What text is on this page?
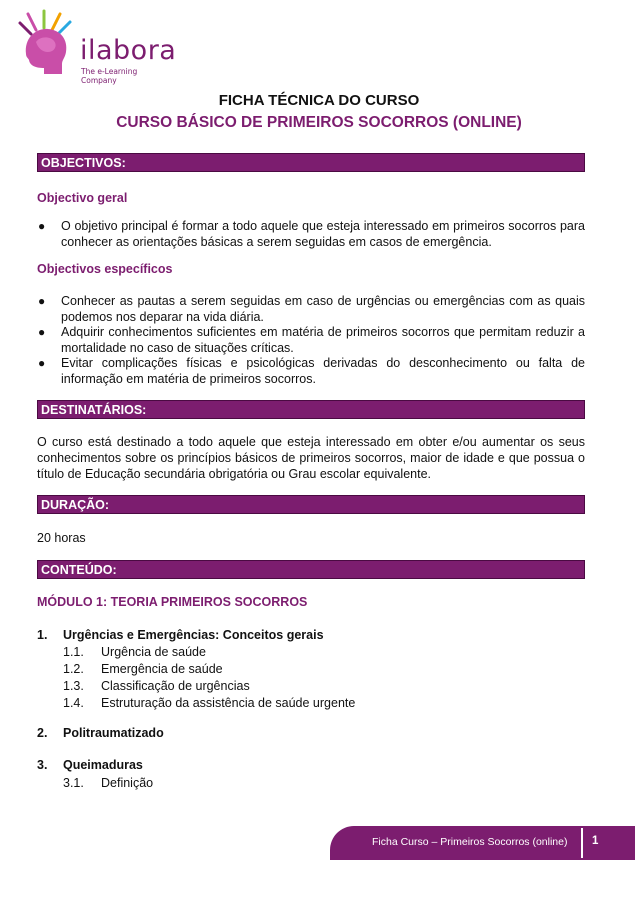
ilabora
The e-Learning Company
FICHA TÉCNICA DO CURSO
CURSO BÁSICO DE PRIMEIROS SOCORROS (ONLINE)
OBJECTIVOS:
Objectivo geral
● O objetivo principal é formar a todo aquele que esteja interessado em primeiros socorros para conhecer as orientações básicas a serem seguidas em casos de emergência.
Objectivos específicos
● Conhecer as pautas a serem seguidas em caso de urgências ou emergências com as quais podemos nos deparar na vida diária.
● Adquirir conhecimentos suficientes em matéria de primeiros socorros que permitam reduzir a mortalidade no caso de situações críticas.
● Evitar complicações físicas e psicológicas derivadas do desconhecimento ou falta de informação em matéria de primeiros socorros.
DESTINATÁRIOS:
O curso está destinado a todo aquele que esteja interessado em obter e/ou aumentar os seus conhecimentos sobre os princípios básicos de primeiros socorros, maior de idade e que possua o título de Educação secundária obrigatória ou Grau escolar equivalente.
DURAÇÃO:
20 horas
CONTEÚDO:
MÓDULO 1: TEORIA PRIMEIROS SOCORROS
1. Urgências e Emergências: Conceitos gerais
1.1. Urgência de saúde
1.2. Emergência de saúde
1.3. Classificação de urgências
1.4. Estruturação da assistência de saúde urgente
2. Politraumatizado
3. Queimaduras
3.1. Definição
Ficha Curso – Primeiros Socorros (online) 1
